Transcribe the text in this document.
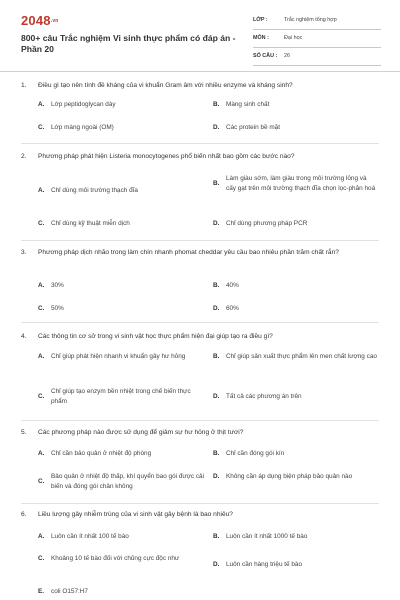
2048.vn
800+ câu Trắc nghiệm Vi sinh thực phẩm có đáp án - Phần 20
LỚP :	Trắc nghiệm tổng hợp
MÔN :	Đại học
SỐ CÂU : 26
1. Điều gì tạo nên tính đề kháng của vi khuẩn Gram âm với nhiều enzyme và kháng sinh?
A.	Lớp peptidoglycan dày	B.	Màng sinh chất
C.	Lớp màng ngoài (OM)	D.	Các protein bề mặt
2. Phương pháp phát hiện Listeria monocytogenes phổ biến nhất bao gồm các bước nào?
A.	Chỉ dùng môi trường thạch đĩa
B.
Làm giàu sớm, làm giàu trong môi trường lỏng và cấy gạt trên môi trường thạch đĩa chọn lọc-phân hoá
C.	Chỉ dùng kỹ thuật miễn dịch	D.	Chỉ dùng phương pháp PCR
3. Phương pháp dịch nhão trong làm chín nhanh phomat cheddar yêu cầu bao nhiêu phần trăm chất rắn?
A.	30%	B.	40%
C.	50%	D.	60%
4. Các thông tin cơ sở trong vi sinh vật học thực phẩm hiện đại giúp tạo ra điều gì?
A.	Chỉ giúp phát hiện nhanh vi khuẩn gây hư hỏng	B.	Chỉ giúp sản xuất thực phẩm lên men chất lượng cao
C.
Chỉ giúp tạo enzym bền nhiệt trong chế biến thực phẩm
D.	Tất cả các phương án trên
5. Các phương pháp nào được sử dụng để giảm sự hư hỏng ở thịt tươi?
A.	Chỉ cần bảo quản ở nhiệt độ phòng	B.	Chỉ cần đóng gói kín
C.
Bảo quản ở nhiệt độ thấp, khí quyển bao gói được cải biến và đóng gói chân không
D.	Không cần áp dụng biện pháp bảo quản nào
6. Liều lượng gây nhiễm trùng của vi sinh vật gây bệnh là bao nhiêu?
A.	Luôn cần ít nhất 100 tế bào	B.	Luôn cần ít nhất 1000 tế bào
C.	Khoảng 10 tế bào đối với chủng cực độc như
D.	Luôn cần hàng triệu tế bào
E.	coli O157:H7
